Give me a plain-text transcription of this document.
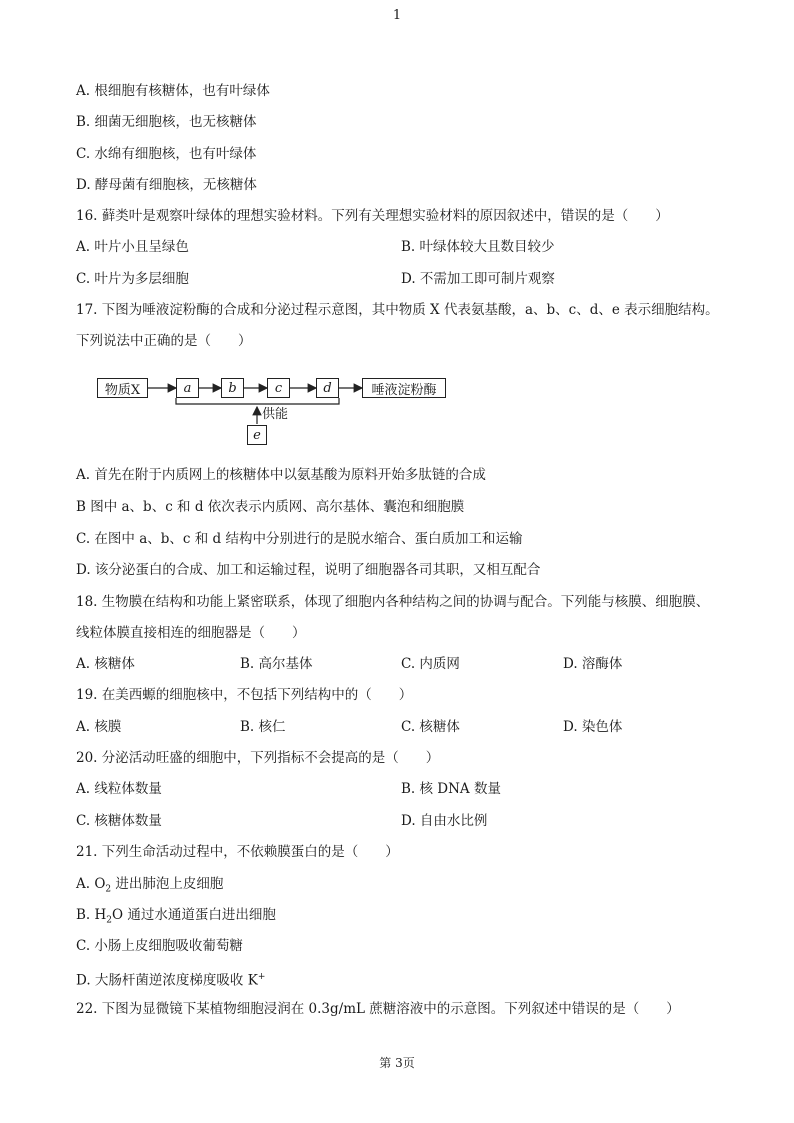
1
A. 根细胞有核糖体，也有叶绿体
B. 细菌无细胞核，也无核糖体
C. 水绵有细胞核，也有叶绿体
D. 酵母菌有细胞核，无核糖体
16. 藓类叶是观察叶绿体的理想实验材料。下列有关理想实验材料的原因叙述中，错误的是（　　）
A. 叶片小且呈绿色	B. 叶绿体较大且数目较少
C. 叶片为多层细胞	D. 不需加工即可制片观察
17. 下图为唾液淀粉酶的合成和分泌过程示意图，其中物质 X 代表氨基酸，a、b、c、d、e 表示细胞结构。
下列说法中正确的是（　　）
物质X	a	b	c	d	唾液淀粉酶
供能
e
A. 首先在附于内质网上的核糖体中以氨基酸为原料开始多肽链的合成
B 图中 a、b、c 和 d 依次表示内质网、高尔基体、囊泡和细胞膜
C. 在图中 a、b、c 和 d 结构中分别进行的是脱水缩合、蛋白质加工和运输
D. 该分泌蛋白的合成、加工和运输过程，说明了细胞器各司其职，又相互配合
18. 生物膜在结构和功能上紧密联系，体现了细胞内各种结构之间的协调与配合。下列能与核膜、细胞膜、
线粒体膜直接相连的细胞器是（　　）
A. 核糖体	B. 高尔基体	C. 内质网	D. 溶酶体
19. 在美西螈的细胞核中，不包括下列结构中的（　　）
A. 核膜	B. 核仁	C. 核糖体	D. 染色体
20. 分泌活动旺盛的细胞中，下列指标不会提高的是（　　）
A. 线粒体数量	B. 核 DNA 数量
C. 核糖体数量	D. 自由水比例
21. 下列生命活动过程中，不依赖膜蛋白的是（　　）
A. $O_2$ 进出肺泡上皮细胞
B. $H_2O$ 通过水通道蛋白进出细胞
C. 小肠上皮细胞吸收葡萄糖
D. 大肠杆菌逆浓度梯度吸收 K+
22. 下图为显微镜下某植物细胞浸润在 0.3g/mL 蔗糖溶液中的示意图。下列叙述中错误的是（　　）
第 3页
